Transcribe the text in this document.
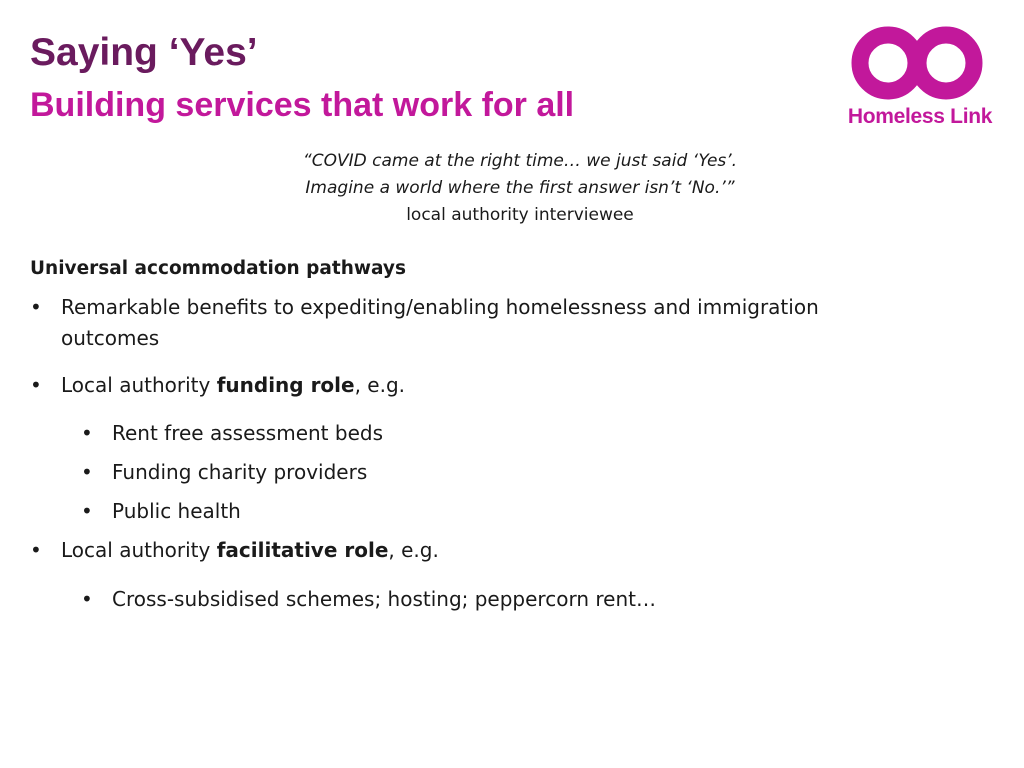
Saying ‘Yes’
Building services that work for all	Homeless Link
“COVID came at the right time… we just said ‘Yes’.
Imagine a world where the first answer isn’t ‘No.’”
local authority interviewee
Universal accommodation pathways
• Remarkable benefits to expediting/enabling homelessness and immigration outcomes
• Local authority funding role, e.g.
• Rent free assessment beds
• Funding charity providers
• Public health
• Local authority facilitative role, e.g.
• Cross-subsidised schemes; hosting; peppercorn rent…
